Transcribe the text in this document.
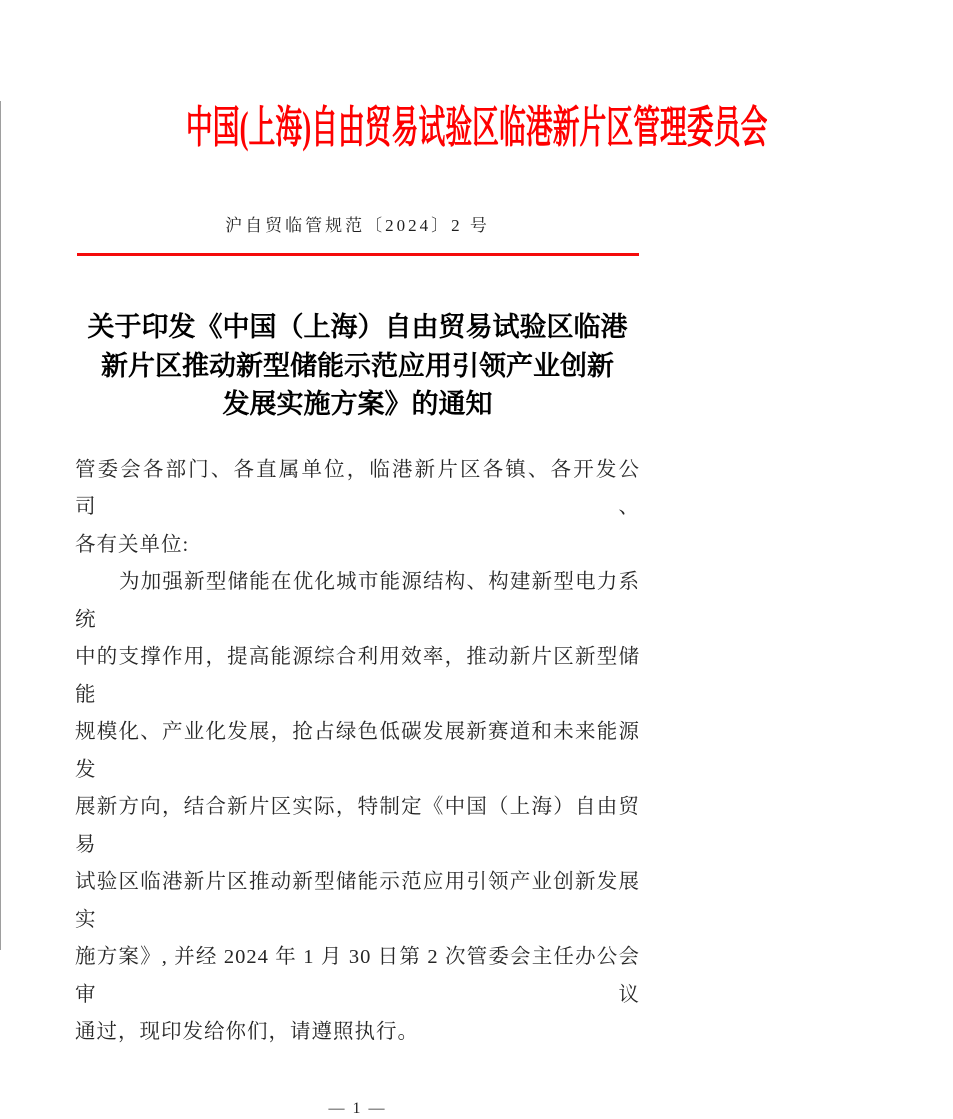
中国(上海)自由贸易试验区临港新片区管理委员会
沪自贸临管规范〔2024〕2 号
关于印发《中国（上海）自由贸易试验区临港
新片区推动新型储能示范应用引领产业创新
发展实施方案》的通知
管委会各部门、各直属单位，临港新片区各镇、各开发公司、
各有关单位:
为加强新型储能在优化城市能源结构、构建新型电力系统
中的支撑作用，提高能源综合利用效率，推动新片区新型储能
规模化、产业化发展，抢占绿色低碳发展新赛道和未来能源发
展新方向，结合新片区实际，特制定《中国（上海）自由贸易
试验区临港新片区推动新型储能示范应用引领产业创新发展实
施方案》, 并经 2024 年 1 月 30 日第 2 次管委会主任办公会审议
通过，现印发给你们，请遵照执行。
— 1 —
